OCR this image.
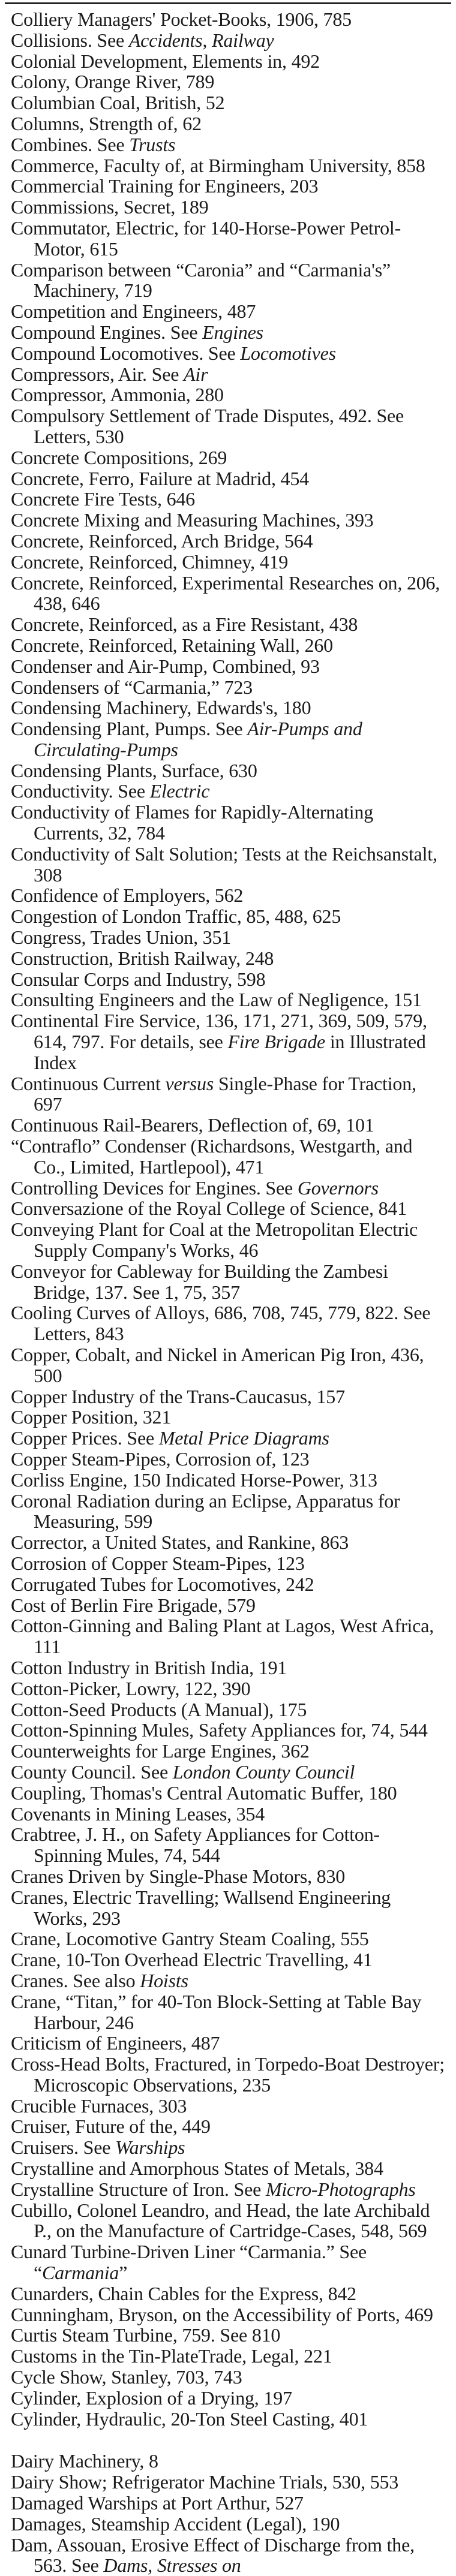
Colliery Managers' Pocket-Books, 1906, 785
Collisions. See Accidents, Railway
Colonial Development, Elements in, 492
Colony, Orange River, 789
Columbian Coal, British, 52
Columns, Strength of, 62
Combines. See Trusts
Commerce, Faculty of, at Birmingham University, 858
Commercial Training for Engineers, 203
Commissions, Secret, 189
Commutator, Electric, for 140-Horse-Power Petrol-Motor, 615
Comparison between “Caronia” and “Carmania's” Machinery, 719
Competition and Engineers, 487
Compound Engines. See Engines
Compound Locomotives. See Locomotives
Compressors, Air. See Air
Compressor, Ammonia, 280
Compulsory Settlement of Trade Disputes, 492. See Letters, 530
Concrete Compositions, 269
Concrete, Ferro, Failure at Madrid, 454
Concrete Fire Tests, 646
Concrete Mixing and Measuring Machines, 393
Concrete, Reinforced, Arch Bridge, 564
Concrete, Reinforced, Chimney, 419
Concrete, Reinforced, Experimental Researches on, 206, 438, 646
Concrete, Reinforced, as a Fire Resistant, 438
Concrete, Reinforced, Retaining Wall, 260
Condenser and Air-Pump, Combined, 93
Condensers of “Carmania,” 723
Condensing Machinery, Edwards's, 180
Condensing Plant, Pumps. See Air-Pumps and Circulating-Pumps
Condensing Plants, Surface, 630
Conductivity. See Electric
Conductivity of Flames for Rapidly-Alternating Currents, 32, 784
Conductivity of Salt Solution; Tests at the Reichsanstalt, 308
Confidence of Employers, 562
Congestion of London Traffic, 85, 488, 625
Congress, Trades Union, 351
Construction, British Railway, 248
Consular Corps and Industry, 598
Consulting Engineers and the Law of Negligence, 151
Continental Fire Service, 136, 171, 271, 369, 509, 579, 614, 797. For details, see Fire Brigade in Illustrated Index
Continuous Current versus Single-Phase for Traction, 697
Continuous Rail-Bearers, Deflection of, 69, 101
“Contraflo” Condenser (Richardsons, Westgarth, and Co., Limited, Hartlepool), 471
Controlling Devices for Engines. See Governors
Conversazione of the Royal College of Science, 841
Conveying Plant for Coal at the Metropolitan Electric Supply Company's Works, 46
Conveyor for Cableway for Building the Zambesi Bridge, 137. See 1, 75, 357
Cooling Curves of Alloys, 686, 708, 745, 779, 822. See Letters, 843
Copper, Cobalt, and Nickel in American Pig Iron, 436, 500
Copper Industry of the Trans-Caucasus, 157
Copper Position, 321
Copper Prices. See Metal Price Diagrams
Copper Steam-Pipes, Corrosion of, 123
Corliss Engine, 150 Indicated Horse-Power, 313
Coronal Radiation during an Eclipse, Apparatus for Measuring, 599
Corrector, a United States, and Rankine, 863
Corrosion of Copper Steam-Pipes, 123
Corrugated Tubes for Locomotives, 242
Cost of Berlin Fire Brigade, 579
Cotton-Ginning and Baling Plant at Lagos, West Africa, 111
Cotton Industry in British India, 191
Cotton-Picker, Lowry, 122, 390
Cotton-Seed Products (A Manual), 175
Cotton-Spinning Mules, Safety Appliances for, 74, 544
Counterweights for Large Engines, 362
County Council. See London County Council
Coupling, Thomas's Central Automatic Buffer, 180
Covenants in Mining Leases, 354
Crabtree, J. H., on Safety Appliances for Cotton-Spinning Mules, 74, 544
Cranes Driven by Single-Phase Motors, 830
Cranes, Electric Travelling; Wallsend Engineering Works, 293
Crane, Locomotive Gantry Steam Coaling, 555
Crane, 10-Ton Overhead Electric Travelling, 41
Cranes. See also Hoists
Crane, “Titan,” for 40-Ton Block-Setting at Table Bay Harbour, 246
Criticism of Engineers, 487
Cross-Head Bolts, Fractured, in Torpedo-Boat Destroyer; Microscopic Observations, 235
Crucible Furnaces, 303
Cruiser, Future of the, 449
Cruisers. See Warships
Crystalline and Amorphous States of Metals, 384
Crystalline Structure of Iron. See Micro-Photographs
Cubillo, Colonel Leandro, and Head, the late Archibald P., on the Manufacture of Cartridge-Cases, 548, 569
Cunard Turbine-Driven Liner “Carmania.” See “Carmania”
Cunarders, Chain Cables for the Express, 842
Cunningham, Bryson, on the Accessibility of Ports, 469
Curtis Steam Turbine, 759. See 810
Customs in the Tin-PlateTrade, Legal, 221
Cycle Show, Stanley, 703, 743
Cylinder, Explosion of a Drying, 197
Cylinder, Hydraulic, 20-Ton Steel Casting, 401
Dairy Machinery, 8
Dairy Show; Refrigerator Machine Trials, 530, 553
Damaged Warships at Port Arthur, 527
Damages, Steamship Accident (Legal), 190
Dam, Assouan, Erosive Effect of Discharge from the, 563. See Dams, Stresses on
